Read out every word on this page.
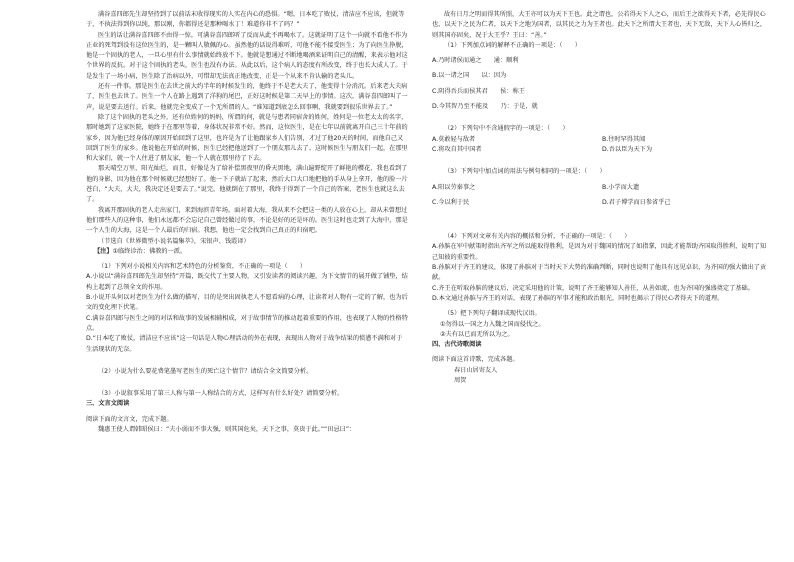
满谷喜四郎先生却坚持到了以前话末收得现实的人实在内心的恐惧。“嗯，日本吃了败仗，清洁应不应该，但就等于，不执法得到你以纯，那以刚，你都得还是那种喝水丁！难道你非不了吗？”

医生的话让满谷喜四郎不由得一惊。可满谷喜四郎听了反而从此不再喝水了。这就证明了这个一向就不看他不作为正业的死驾到没有这位医生的，是一颗叫人敬佩的心。虽然他的话说得难听，可他不能不接受医生；为了向医生挣脱，他是一个固执的老人，一旦心里有什么事情就始终放不下。他就是想通过不断地喝酒来证明自己的清醒，来表示他对这个世界的反抗。对于这个固执的老头，医生也没有办法。从此以后，这个病人的态度有所改变，终于也长大成人了。于是发生了一场小病，医生除了治病以外，可惜却无法真正地改变，正是一个从来不肯认输的老头儿。

还有一件事。那是医生在去世之前大约半年的时候发生的，他终于不是老大夫了，他变得十分消沉。后来老大夫病了，医生也去世了。医生一个人在路上遇到了洋狗的尾巴，正好这时候是第二天早上的事情。这次，满谷喜四郎叫了一声，说是要去送行。后来，他就完全变成了一个无所谓的人。“谁知道到底怎么回事啊，我就要到很乐世界去了。”

除了这个固执的老头之外，还有位姓何的妈妈，所谓的何，就是与患者同宿舍的姓何，姓何是一位老太太的名字，那时她到了这家医院，她终于在那里等着，身体状况非常不好。然而，这位医生，是在七年以前就离开自己三十年前的家乡，因为他已经身体的原因开始回到了这里，也许是为了让他跟家乡人们告别，才过了他20天的时间，而他自己又回到了医生的家乡。他说他在开始的时候，医生已经把他送到了一个朋友那儿去了。这时候医生与朋友们一起，在那里和大家们，就一个人住进了朋友家，他一个人就在那里待了下去。

那天晴空万里，阳光灿烂，而且，好像是为了给补偿黑夜里的昏天黑地，满山遍野绽开了鲜艳的樱花，我也看到了他的身影，因为他在那个时候就已经想好了。他一下子就站了起来，然后大口大口地把他的手从身上拿开，他的脸一片苍白，“大夫，大夫，我决定还是要去了。”说完，他就倒在了那里，我终于得到了一个自己的答案，老医生也就这么去了。

我离开那固执的老人走出家门，来到海滨青年场。面对着大海，我从来不会把这一类的人放在心上，却从未曾想过他们那些人的这种事，他们永远都不会忘记自己曾经做过的事，不论是好的还是坏的。医生这时也走到了大海中，那是一个人生的大海，这是一个人最后的归宿。我想，他也一定会找到自己真正的归宿吧。

（节选自《世界微型小说名篇集萃》，宋银声、钱霞译）

【注】①临终诊治：佛教的一派。

（1）下列对小说相关内容和艺术特色的分析鉴赏，不正确的一项是（　　）

A.小说以“满谷喜四郎先生却坚持”开篇，既交代了主要人物，又引发读者的阅读兴趣，为下文情节的展开做了铺垫，结构上起到了总领全文的作用。

B.小说开头何以对老医生为什么做的描写，目的是突出固执老人不愿看病的心理，让读者对人物有一定的了解，也为后文的变化埋下伏笔。

C.满谷喜四郎与医生之间的对话和故事的发展相辅相成，对于故事情节的推动起着重要的作用，也表现了人物的性格特点。

D.“日本吃了败仗，清洁应不应该”这一句话是人物心理活动的外在表现，表现出人物对于战争结果的愤懑不满和对于生活现状的无奈。

（2）小说为什么要花费笔墨写老医生的死亡这个情节？请结合全文简要分析。

（3）小说叙事采用了第三人称与第一人称结合的方式，这样写有什么好处？请简要分析。

三、文言文阅读

阅读下面的文言文，完成下题。

魏惠王使人谓韩昭侯曰：“夫小弱而不事大强，则其国危矣，天下之事，莫贵于此。”“田忌曰”：

故有日月之明而得其所照，大王亦可以为天下王也。此之谓也，公若得天下人之心，而后王之欲得天下者，必先得民心也，以天下之民为仁者，以天下之地为国者，以其民之力为王者也。此天下之所谓大王者也，天下无敌，天下人心皆归之，则其国亦固矣，况于大王乎？王曰：“善。”

（1）下列加点词的解释不正确的一项是：（　　）

A.乃时诸侯而通之　　通：顺利

B.以一诸之国　　以：因为

C.阴得吾兵而侯其君　　侯：称王

D.今其智乃至不能及　　乃：于是，就

（2）下列句中不含通假字的一项是：（　　）

A.莫敢轻与敌者	B.往时罕得其闻

C.将攻自其中国者	D.吾以臣为天下为

（3）下列句中加点词的用法与例句相同的一项是：（　　）

A.阳以劳秦事之	B.小学而大遗

C.今以利于民	D.君子博学而日参省乎己

（4）下列对文章有关内容的概括和分析，不正确的一项是：（　　）

A.孙膑在军中献策时指出齐军之所以能取得胜利，是因为对于魏国的情况了如指掌，因此才能帮助齐国取得胜利，说明了知己知彼的重要性。

B.孙膑对于齐王的建议，体现了孙膑对于当时天下大势的准确判断，同时也说明了他具有远见卓识，为齐国的强大做出了贡献。

C.齐王在听取孙膑的建议后，决定采用他的计策，说明了齐王能够知人善任，从善如流，也为齐国的强盛奠定了基础。

D.本文通过孙膑与齐王的对话，表现了孙膑的军事才能和政治眼光，同时也揭示了得民心者得天下的道理。

（5）把下列句子翻译成现代汉语。

①勿得以一国之力入魏之国而侵伐之。

②夫有以已而无所以为之。

四、古代诗歌阅读

阅读下面这首诗歌，完成各题。

春日山居寄友人

周贺
